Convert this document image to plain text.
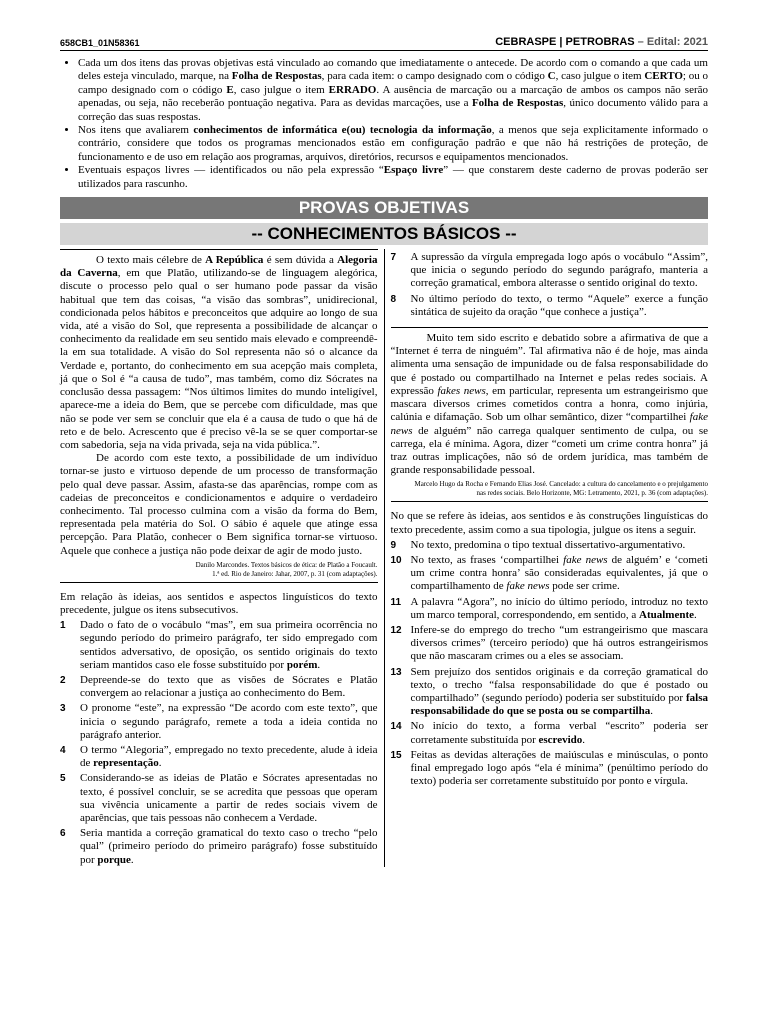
658CB1_01N58361	CEBRASPE | PETROBRAS – Edital: 2021
• Cada um dos itens das provas objetivas está vinculado ao comando que imediatamente o antecede. De acordo com o comando a que cada um deles esteja vinculado, marque, na Folha de Respostas, para cada item: o campo designado com o código C, caso julgue o item CERTO; ou o campo designado com o código E, caso julgue o item ERRADO. A ausência de marcação ou a marcação de ambos os campos não serão apenadas, ou seja, não receberão pontuação negativa. Para as devidas marcações, use a Folha de Respostas, único documento válido para a correção das suas respostas.
• Nos itens que avaliarem conhecimentos de informática e(ou) tecnologia da informação, a menos que seja explicitamente informado o contrário, considere que todos os programas mencionados estão em configuração padrão e que não há restrições de proteção, de funcionamento e de uso em relação aos programas, arquivos, diretórios, recursos e equipamentos mencionados.
• Eventuais espaços livres — identificados ou não pela expressão “Espaço livre” — que constarem deste caderno de provas poderão ser utilizados para rascunho.
PROVAS OBJETIVAS
-- CONHECIMENTOS BÁSICOS --

O texto mais célebre de A República é sem dúvida a Alegoria da Caverna, em que Platão, utilizando-se de linguagem alegórica, discute o processo pelo qual o ser humano pode passar da visão habitual que tem das coisas, “a visão das sombras”, unidirecional, condicionada pelos hábitos e preconceitos que adquire ao longo de sua vida, até a visão do Sol, que representa a possibilidade de alcançar o conhecimento da realidade em seu sentido mais elevado e compreendê-la em sua totalidade. A visão do Sol representa não só o alcance da Verdade e, portanto, do conhecimento em sua acepção mais completa, já que o Sol é “a causa de tudo”, mas também, como diz Sócrates na conclusão dessa passagem: “Nos últimos limites do mundo inteligível, aparece-me a ideia do Bem, que se percebe com dificuldade, mas que não se pode ver sem se concluir que ela é a causa de tudo o que há de reto e de belo. Acrescento que é preciso vê-la se se quer comportar-se com sabedoria, seja na vida privada, seja na vida pública.”.

De acordo com este texto, a possibilidade de um indivíduo tornar-se justo e virtuoso depende de um processo de transformação pelo qual deve passar. Assim, afasta-se das aparências, rompe com as cadeias de preconceitos e condicionamentos e adquire o verdadeiro conhecimento. Tal processo culmina com a visão da forma do Bem, representada pela matéria do Sol. O sábio é aquele que atinge essa percepção. Para Platão, conhecer o Bem significa tornar-se virtuoso. Aquele que conhece a justiça não pode deixar de agir de modo justo.

Danilo Marcondes. Textos básicos de ética: de Platão a Foucault.
1.ª ed. Rio de Janeiro: Jahar, 2007, p. 31 (com adaptações).
Em relação às ideias, aos sentidos e aspectos linguísticos do texto precedente, julgue os itens subsecutivos.
1	Dado o fato de o vocábulo “mas”, em sua primeira ocorrência no segundo período do primeiro parágrafo, ter sido empregado com sentidos adversativo, de oposição, os sentido originais do texto seriam mantidos caso ele fosse substituído por porém.
2	Depreende-se do texto que as visões de Sócrates e Platão convergem ao relacionar a justiça ao conhecimento do Bem.
3	O pronome “este”, na expressão “De acordo com este texto”, que inicia o segundo parágrafo, remete a toda a ideia contida no parágrafo anterior.
4	O termo “Alegoria”, empregado no texto precedente, alude à ideia de representação.
5	Considerando-se as ideias de Platão e Sócrates apresentadas no texto, é possível concluir, se se acredita que pessoas que operam sua vivência unicamente a partir de redes sociais vivem de aparências, que tais pessoas não conhecem a Verdade.
6	Seria mantida a correção gramatical do texto caso o trecho “pelo qual” (primeiro período do primeiro parágrafo) fosse substituído por porque.
7	A supressão da vírgula empregada logo após o vocábulo “Assim”, que inicia o segundo período do segundo parágrafo, manteria a correção gramatical, embora alterasse o sentido original do texto.
8	No último período do texto, o termo “Aquele” exerce a função sintática de sujeito da oração “que conhece a justiça”.

Muito tem sido escrito e debatido sobre a afirmativa de que a “Internet é terra de ninguém”. Tal afirmativa não é de hoje, mas ainda alimenta uma sensação de impunidade ou de falsa responsabilidade do que é postado ou compartilhado na Internet e pelas redes sociais. A expressão fakes news, em particular, representa um estrangeirismo que mascara diversos crimes cometidos contra a honra, como injúria, calúnia e difamação. Sob um olhar semântico, dizer “compartilhei fake news de alguém” não carrega qualquer sentimento de culpa, ou se carrega, ela é mínima. Agora, dizer “cometi um crime contra honra” já traz outras implicações, não só de ordem jurídica, mas também de grande responsabilidade pessoal.

Marcelo Hugo da Rocha e Fernando Elias José. Cancelado: a cultura do cancelamento e o prejulgamento
nas redes sociais. Belo Horizonte, MG: Letramento, 2021, p. 36 (com adaptações).
No que se refere às ideias, aos sentidos e às construções linguísticas do texto precedente, assim como a sua tipologia, julgue os itens a seguir.
9	No texto, predomina o tipo textual dissertativo-argumentativo.
10 No texto, as frases ‘compartilhei fake news de alguém’ e ‘cometi um crime contra honra’ são consideradas equivalentes, já que o compartilhamento de fake news pode ser crime.
11 A palavra “Agora”, no início do último período, introduz no texto um marco temporal, correspondendo, em sentido, a Atualmente.
12 Infere-se do emprego do trecho “um estrangeirismo que mascara diversos crimes” (terceiro período) que há outros estrangeirismos que não mascaram crimes ou a eles se associam.
13 Sem prejuízo dos sentidos originais e da correção gramatical do texto, o trecho “falsa responsabilidade do que é postado ou compartilhado” (segundo período) poderia ser substituído por falsa responsabilidade do que se posta ou se compartilha.
14 No início do texto, a forma verbal “escrito” poderia ser corretamente substituída por escrevido.
15 Feitas as devidas alterações de maiúsculas e minúsculas, o ponto final empregado logo após “ela é mínima” (penúltimo período do texto) poderia ser corretamente substituído por ponto e vírgula.
